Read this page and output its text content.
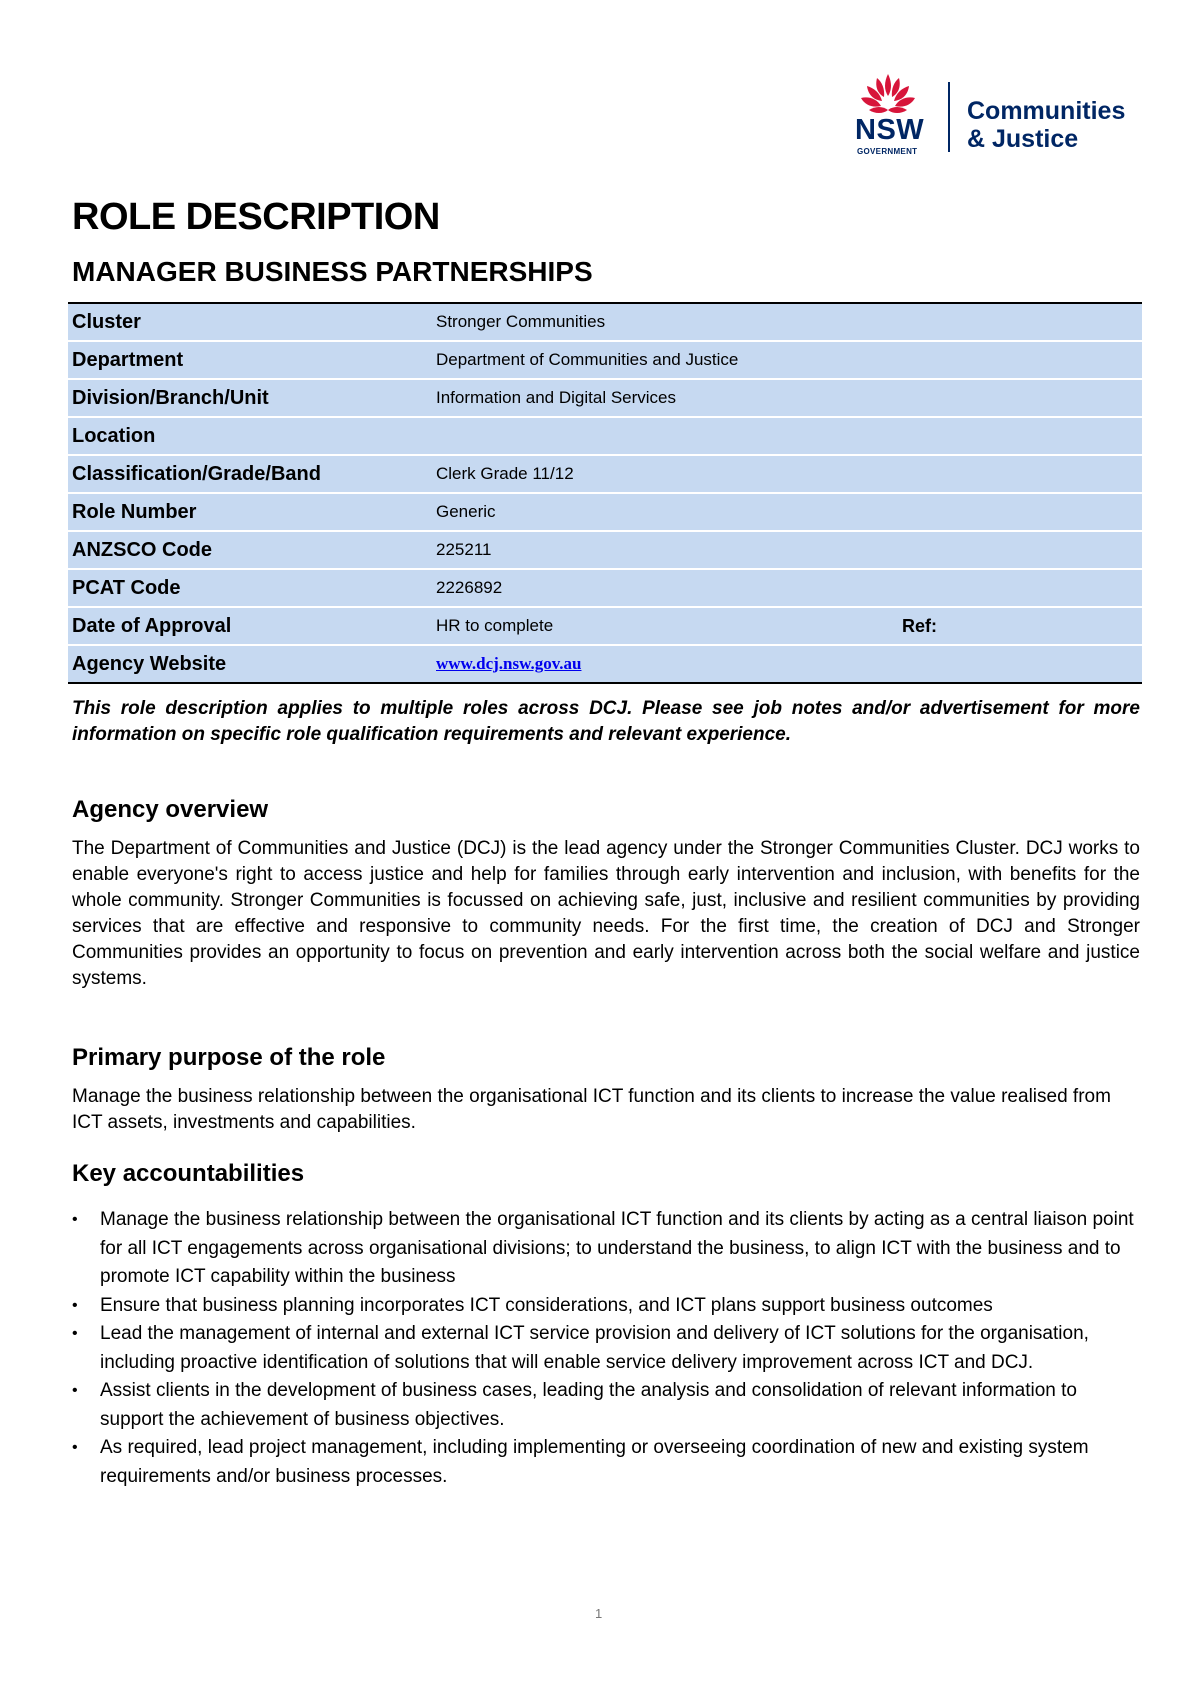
NSW
GOVERNMENT
Communities
& Justice
ROLE DESCRIPTION
MANAGER BUSINESS PARTNERSHIPS
Cluster	Stronger Communities
Department	Department of Communities and Justice
Division/Branch/Unit	Information and Digital Services
Location
Classification/Grade/Band	Clerk Grade 11/12
Role Number	Generic
ANZSCO Code	225211
PCAT Code	2226892
Date of Approval	HR to complete	Ref:
Agency Website	www.dcj.nsw.gov.au
This role description applies to multiple roles across DCJ. Please see job notes and/or advertisement for more information on specific role qualification requirements and relevant experience.
Agency overview
The Department of Communities and Justice (DCJ) is the lead agency under the Stronger Communities Cluster. DCJ works to enable everyone's right to access justice and help for families through early intervention and inclusion, with benefits for the whole community. Stronger Communities is focussed on achieving safe, just, inclusive and resilient communities by providing services that are effective and responsive to community needs. For the first time, the creation of DCJ and Stronger Communities provides an opportunity to focus on prevention and early intervention across both the social welfare and justice systems.
Primary purpose of the role
Manage the business relationship between the organisational ICT function and its clients to increase the value realised from ICT assets, investments and capabilities.
Key accountabilities
• Manage the business relationship between the organisational ICT function and its clients by acting as a central liaison point for all ICT engagements across organisational divisions; to understand the business, to align ICT with the business and to promote ICT capability within the business
• Ensure that business planning incorporates ICT considerations, and ICT plans support business outcomes
• Lead the management of internal and external ICT service provision and delivery of ICT solutions for the organisation, including proactive identification of solutions that will enable service delivery improvement across ICT and DCJ.
• Assist clients in the development of business cases, leading the analysis and consolidation of relevant information to support the achievement of business objectives.
• As required, lead project management, including implementing or overseeing coordination of new and existing system requirements and/or business processes.
1
